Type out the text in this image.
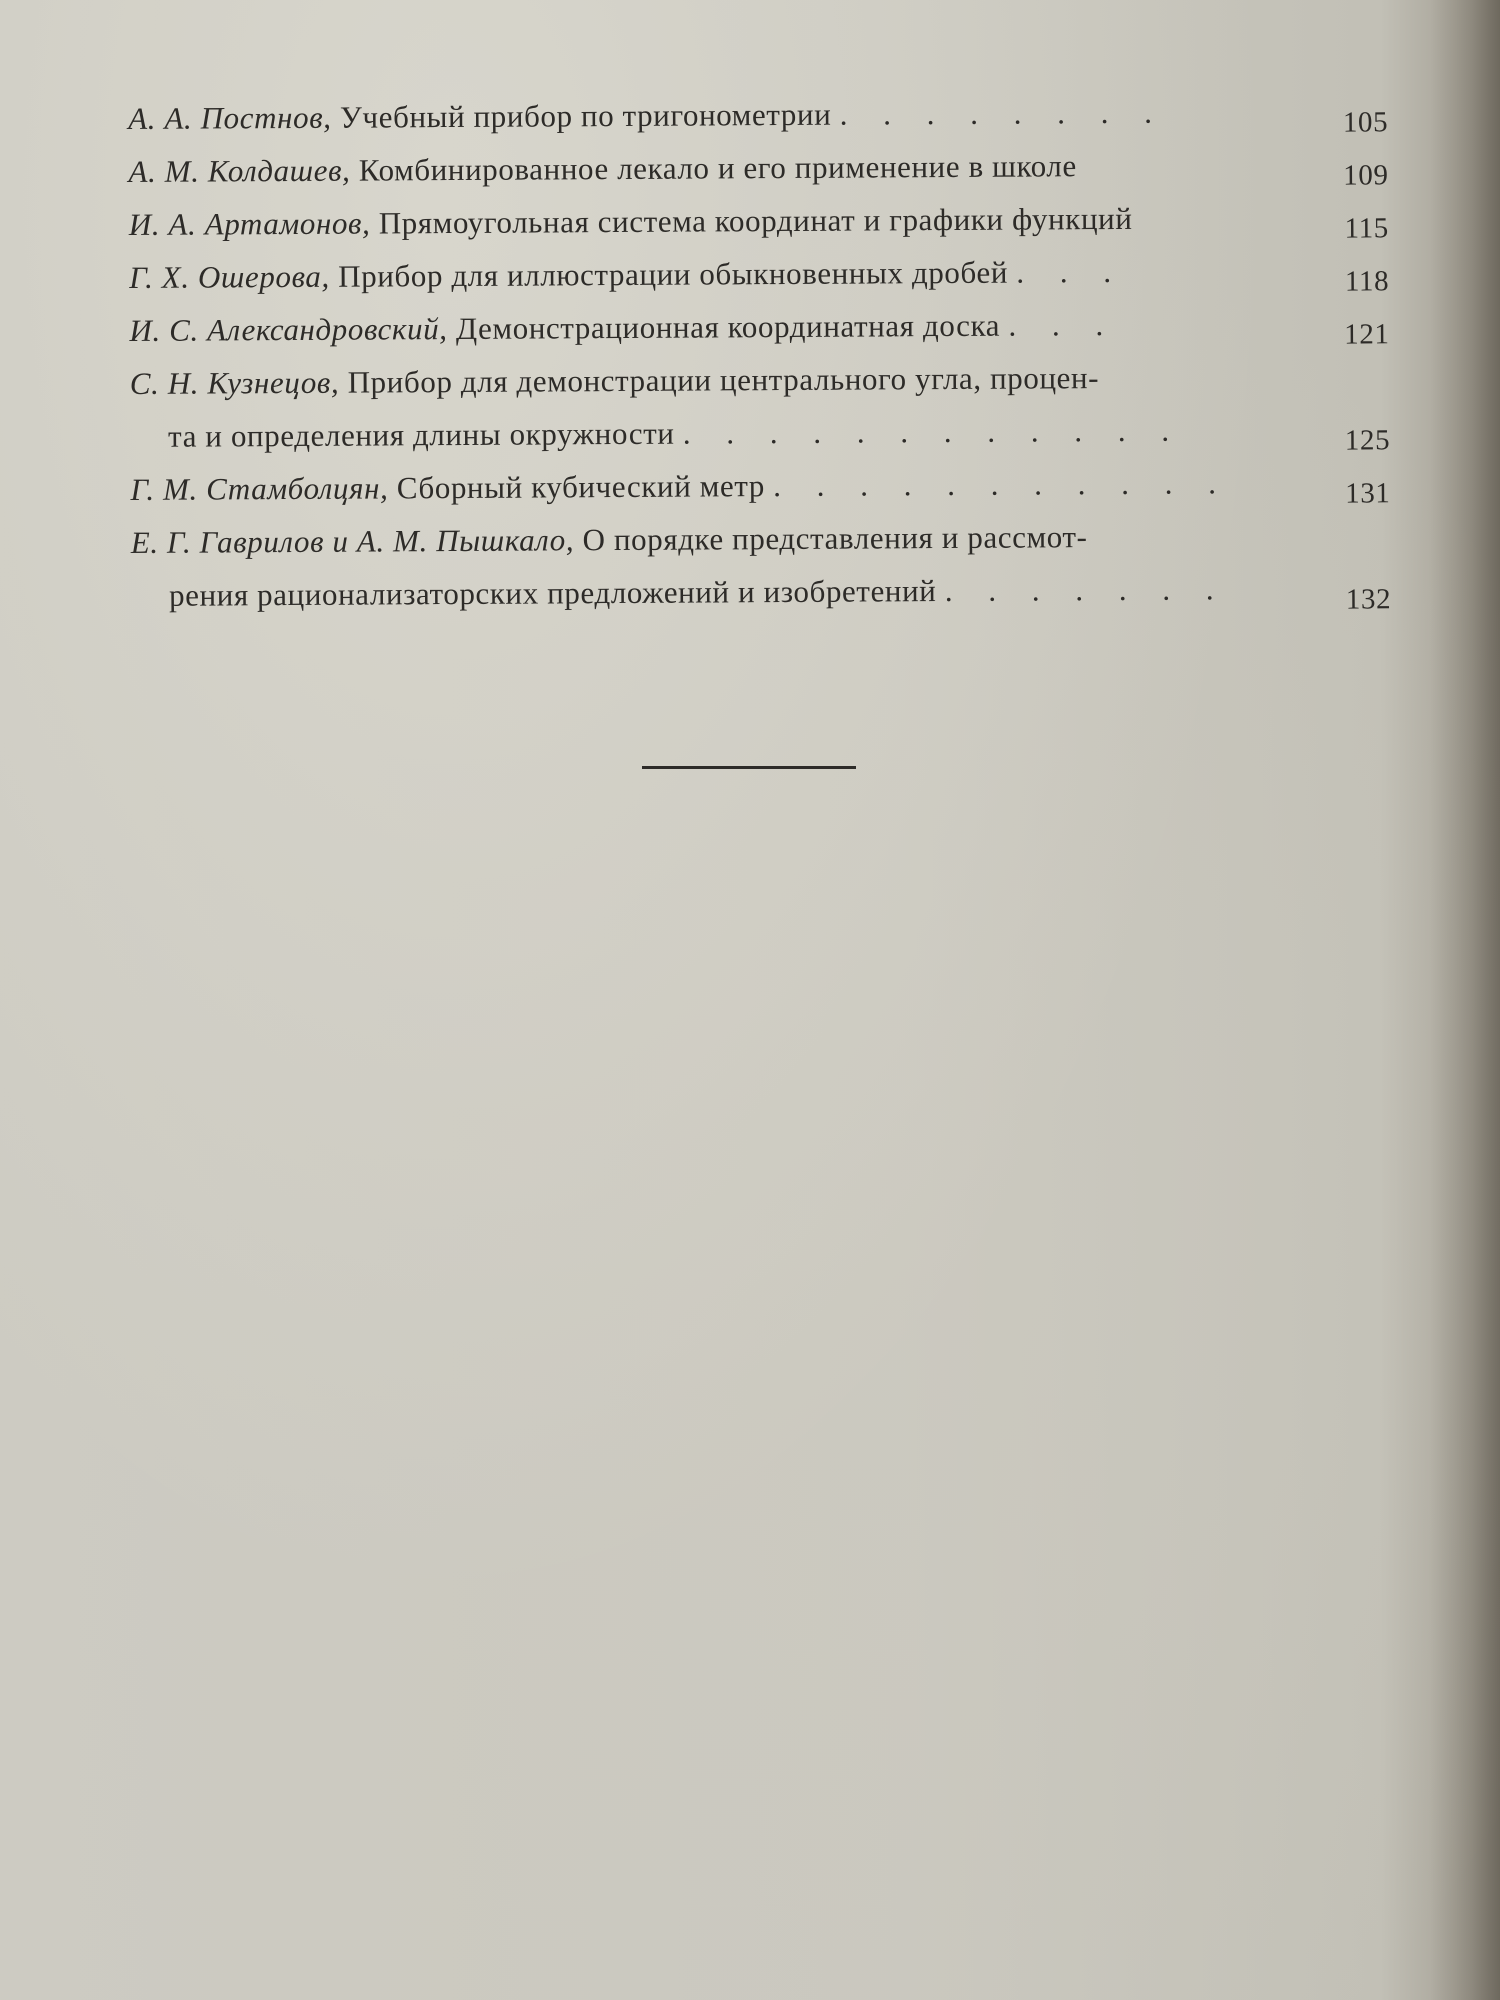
А. А. Постнов, Учебный прибор по тригонометрии . . . . . . . .	105
А. М. Колдашев, Комбинированное лекало и его применение в школе	109
И. А. Артамонов, Прямоугольная система координат и графики функций	115
Г. Х. Ошерова, Прибор для иллюстрации обыкновенных дробей . . .	118
И. С. Александровский, Демонстрационная координатная доска . . .	121
С. Н. Кузнецов, Прибор для демонстрации центрального угла, процен-
та и определения длины окружности . . . . . . . . . . . .	125
Г. М. Стамболцян, Сборный кубический метр . . . . . . . . . . .	131
Е. Г. Гаврилов и А. М. Пышкало, О порядке представления и рассмот-
рения рационализаторских предложений и изобретений . . . . . . .	132
